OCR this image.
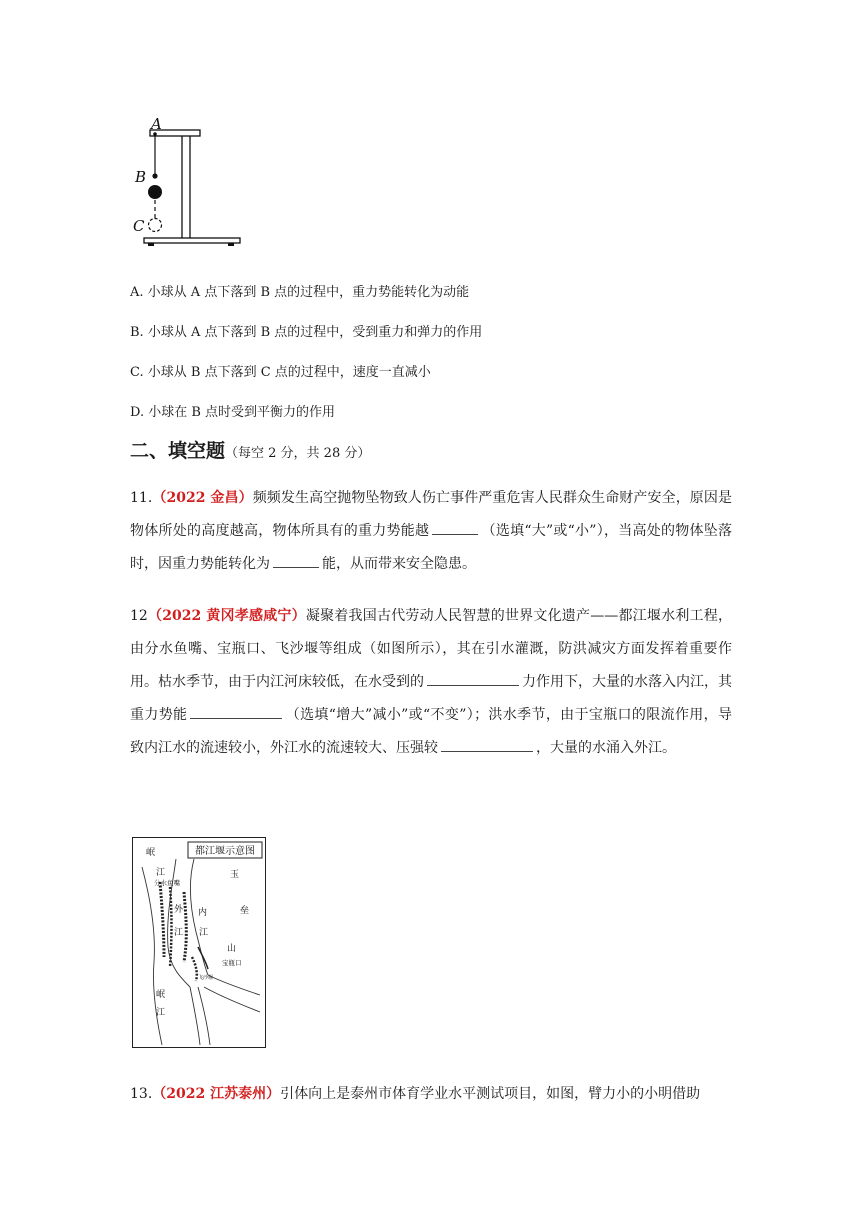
A
B
C
A. 小球从 A 点下落到 B 点的过程中，重力势能转化为动能
B. 小球从 A 点下落到 B 点的过程中，受到重力和弹力的作用
C. 小球从 B 点下落到 C 点的过程中，速度一直减小
D. 小球在 B 点时受到平衡力的作用
二、填空题（每空 2 分，共 28 分）
11.（2022 金昌）频频发生高空抛物坠物致人伤亡事件严重危害人民群众生命财产安全，原因是物体所处的高度越高，物体所具有的重力势能越	（选填“大”或“小”），当高处的物体坠落时，因重力势能转化为	能，从而带来安全隐患。
12（2022 黄冈孝感咸宁）凝聚着我国古代劳动人民智慧的世界文化遗产——都江堰水利工程，由分水鱼嘴、宝瓶口、飞沙堰等组成（如图所示），其在引水灌溉，防洪减灾方面发挥着重要作用。枯水季节，由于内江河床较低，在水受到的	力作用下，大量的水落入内江，其重力势能	（选填“增大”减小”或“不变”）；洪水季节，由于宝瓶口的限流作用，导致内江水的流速较小，外江水的流速较大、压强较	，大量的水涌入外江。
都江堰示意图
岷
江
分水鱼嘴
外
江
内
江
玉
垒
山
宝瓶口
飞沙堰
岷
江
13.（2022 江苏泰州）引体向上是泰州市体育学业水平测试项目，如图，臂力小的小明借助
